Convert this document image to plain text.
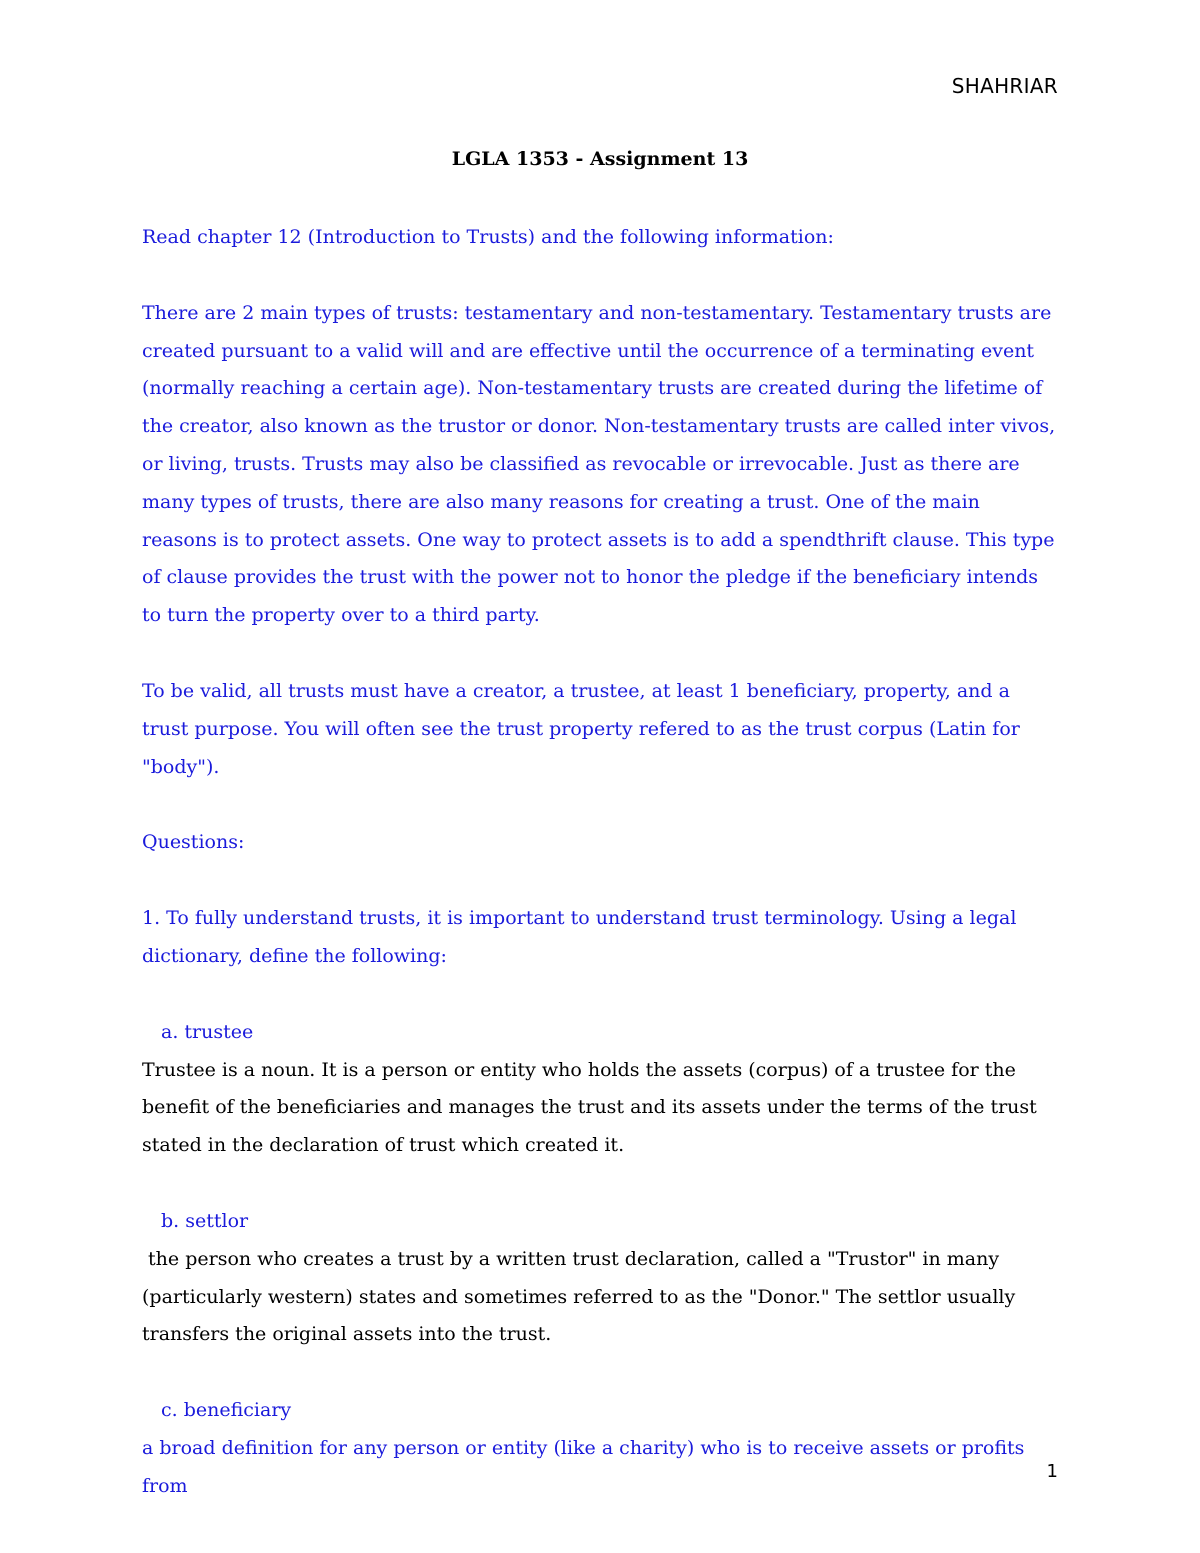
SHAHRIAR
LGLA 1353 - Assignment 13

Read chapter 12 (Introduction to Trusts) and the following information:

There are 2 main types of trusts: testamentary and non-testamentary. Testamentary trusts are created pursuant to a valid will and are effective until the occurrence of a terminating event (normally reaching a certain age). Non-testamentary trusts are created during the lifetime of the creator, also known as the trustor or donor. Non-testamentary trusts are called inter vivos, or living, trusts. Trusts may also be classified as revocable or irrevocable. Just as there are many types of trusts, there are also many reasons for creating a trust. One of the main reasons is to protect assets. One way to protect assets is to add a spendthrift clause. This type of clause provides the trust with the power not to honor the pledge if the beneficiary intends to turn the property over to a third party.

To be valid, all trusts must have a creator, a trustee, at least 1 beneficiary, property, and a trust purpose. You will often see the trust property refered to as the trust corpus (Latin for "body").

Questions:

1. To fully understand trusts, it is important to understand trust terminology. Using a legal dictionary, define the following:

a. trustee

Trustee is a noun. It is a person or entity who holds the assets (corpus) of a trustee for the benefit of the beneficiaries and manages the trust and its assets under the terms of the trust stated in the declaration of trust which created it.

b. settlor

the person who creates a trust by a written trust declaration, called a "Trustor" in many (particularly western) states and sometimes referred to as the "Donor." The settlor usually transfers the original assets into the trust.

c. beneficiary

a broad definition for any person or entity (like a charity) who is to receive assets or profits from

1
